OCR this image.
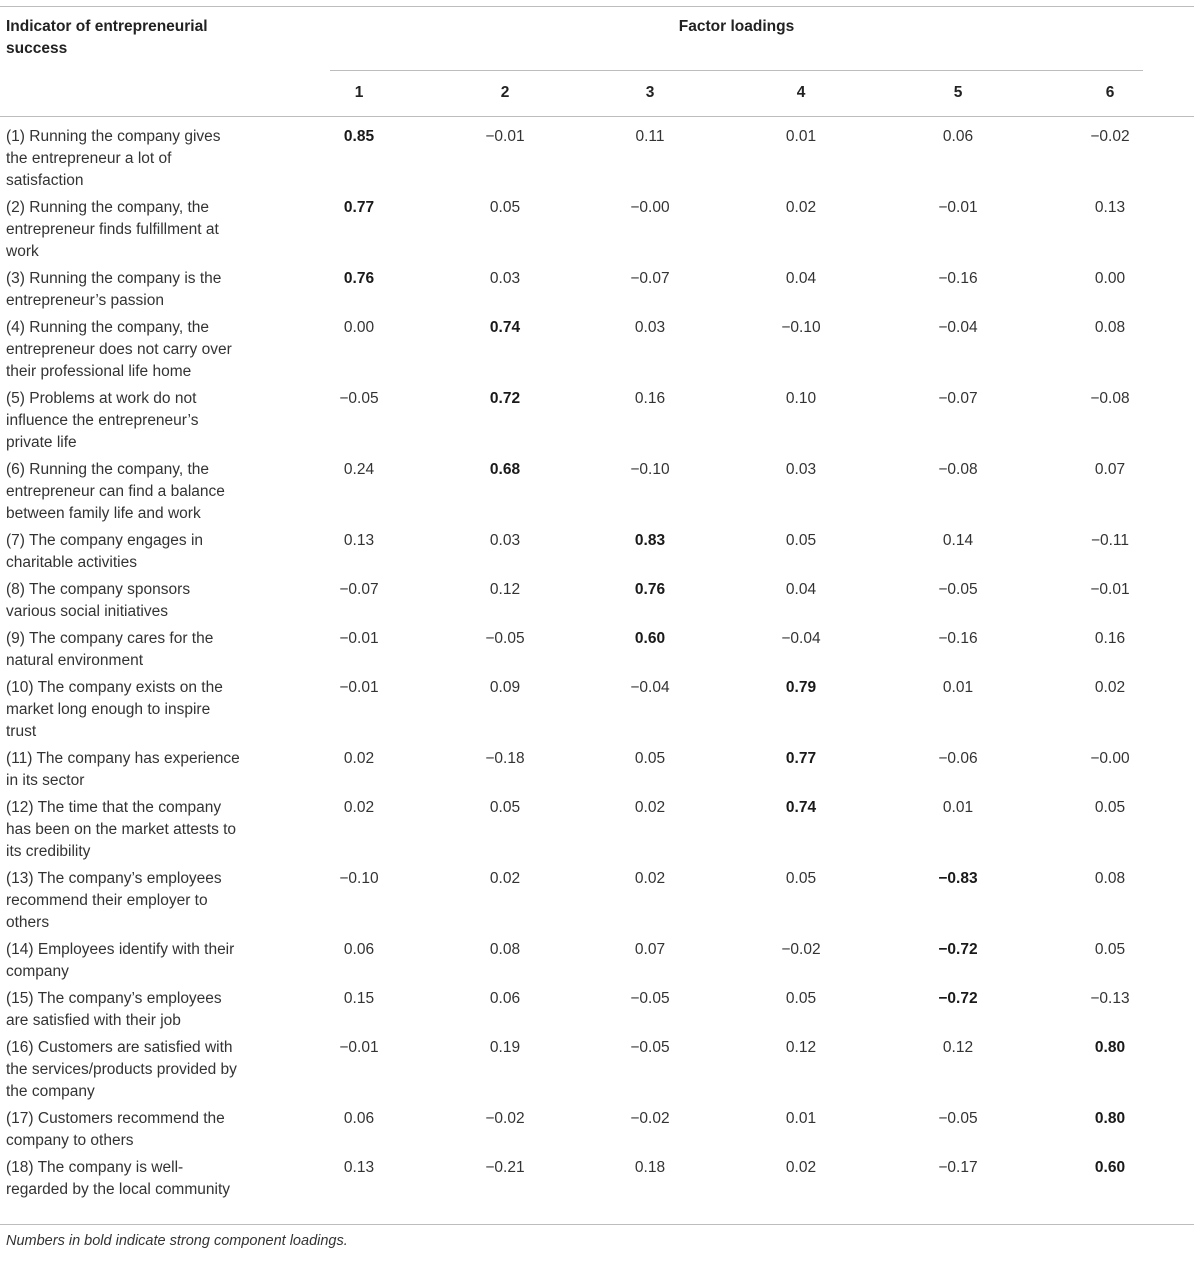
Indicator of entrepreneurial success
Factor loadings
1	2	3	4	5	6
(1) Running the company gives the entrepreneur a lot of satisfaction
0.85	−0.01	0.11	0.01	0.06	−0.02
(2) Running the company, the entrepreneur finds fulfillment at work
0.77	0.05	−0.00	0.02	−0.01	0.13
(3) Running the company is the entrepreneur’s passion
0.76	0.03	−0.07	0.04	−0.16	0.00
(4) Running the company, the entrepreneur does not carry over their professional life home
0.00	0.74	0.03	−0.10	−0.04	0.08
(5) Problems at work do not influence the entrepreneur’s private life
−0.05	0.72	0.16	0.10	−0.07	−0.08
(6) Running the company, the entrepreneur can find a balance between family life and work
0.24	0.68	−0.10	0.03	−0.08	0.07
(7) The company engages in charitable activities
0.13	0.03	0.83	0.05	0.14	−0.11
(8) The company sponsors various social initiatives
−0.07	0.12	0.76	0.04	−0.05	−0.01
(9) The company cares for the natural environment
−0.01	−0.05	0.60	−0.04	−0.16	0.16
(10) The company exists on the market long enough to inspire trust
−0.01	0.09	−0.04	0.79	0.01	0.02
(11) The company has experience in its sector
0.02	−0.18	0.05	0.77	−0.06	−0.00
(12) The time that the company has been on the market attests to its credibility
0.02	0.05	0.02	0.74	0.01	0.05
(13) The company’s employees recommend their employer to others
−0.10	0.02	0.02	0.05	−0.83	0.08
(14) Employees identify with their company
0.06	0.08	0.07	−0.02	−0.72	0.05
(15) The company’s employees are satisfied with their job
0.15	0.06	−0.05	0.05	−0.72	−0.13
(16) Customers are satisfied with the services/products provided by the company
−0.01	0.19	−0.05	0.12	0.12	0.80
(17) Customers recommend the company to others
0.06	−0.02	−0.02	0.01	−0.05	0.80
(18) The company is well-regarded by the local community
0.13	−0.21	0.18	0.02	−0.17	0.60
Numbers in bold indicate strong component loadings.
